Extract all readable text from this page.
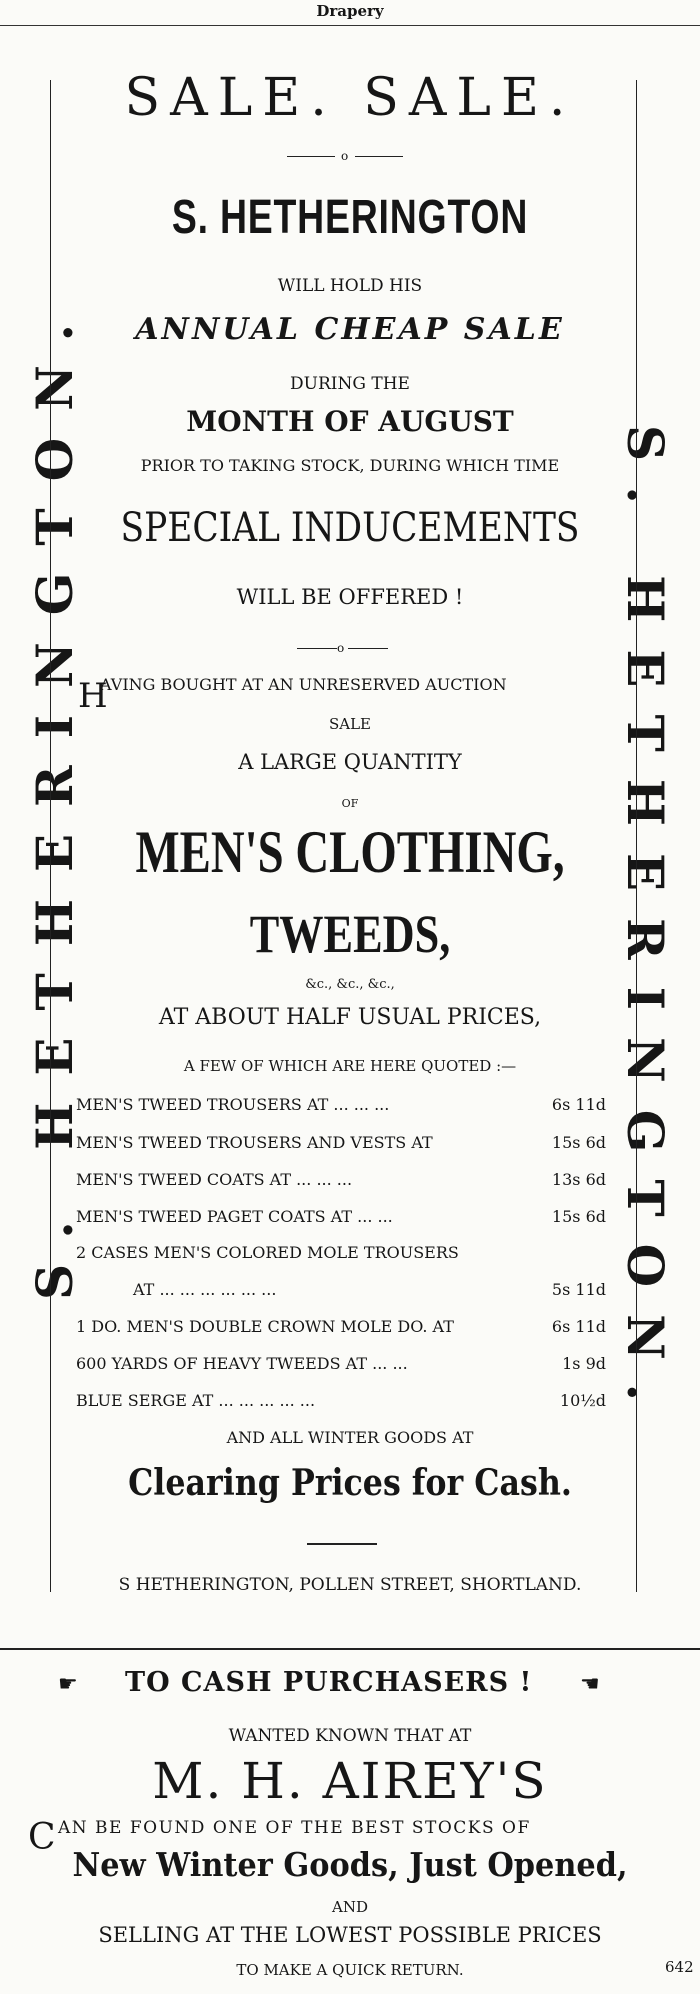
Drapery
S. HETHERINGTON.	S. HETHERINGTON.
SALE. SALE.
o
S. HETHERINGTON
WILL HOLD HIS
ANNUAL CHEAP SALE
DURING THE
MONTH OF AUGUST
PRIOR TO TAKING STOCK, DURING WHICH TIME
SPECIAL INDUCEMENTS
WILL BE OFFERED !
o
H
AVING BOUGHT AT AN UNRESERVED AUCTION
SALE
A LARGE QUANTITY
OF
MEN'S CLOTHING,
TWEEDS,
&c., &c., &c.,
AT ABOUT HALF USUAL PRICES,
A FEW OF WHICH ARE HERE QUOTED :—
MEN'S TWEED TROUSERS AT ... ... ...	6s 11d
MEN'S TWEED TROUSERS AND VESTS AT	15s 6d
MEN'S TWEED COATS AT ... ... ...	13s 6d
MEN'S TWEED PAGET COATS AT ... ...	15s 6d
2 CASES MEN'S COLORED MOLE TROUSERS
AT ... ... ... ... ... ...	5s 11d
1 DO. MEN'S DOUBLE CROWN MOLE DO. AT	6s 11d
600 YARDS OF HEAVY TWEEDS AT ... ...	1s 9d
BLUE SERGE AT ... ... ... ... ...	10½d
AND ALL WINTER GOODS AT
Clearing Prices for Cash.
S HETHERINGTON, POLLEN STREET, SHORTLAND.
☛ TO CASH PURCHASERS ! ☚
WANTED KNOWN THAT AT
M. H. AIREY'S
C AN BE FOUND ONE OF THE BEST STOCKS OF
New Winter Goods, Just Opened,
AND
SELLING AT THE LOWEST POSSIBLE PRICES
TO MAKE A QUICK RETURN.	642
